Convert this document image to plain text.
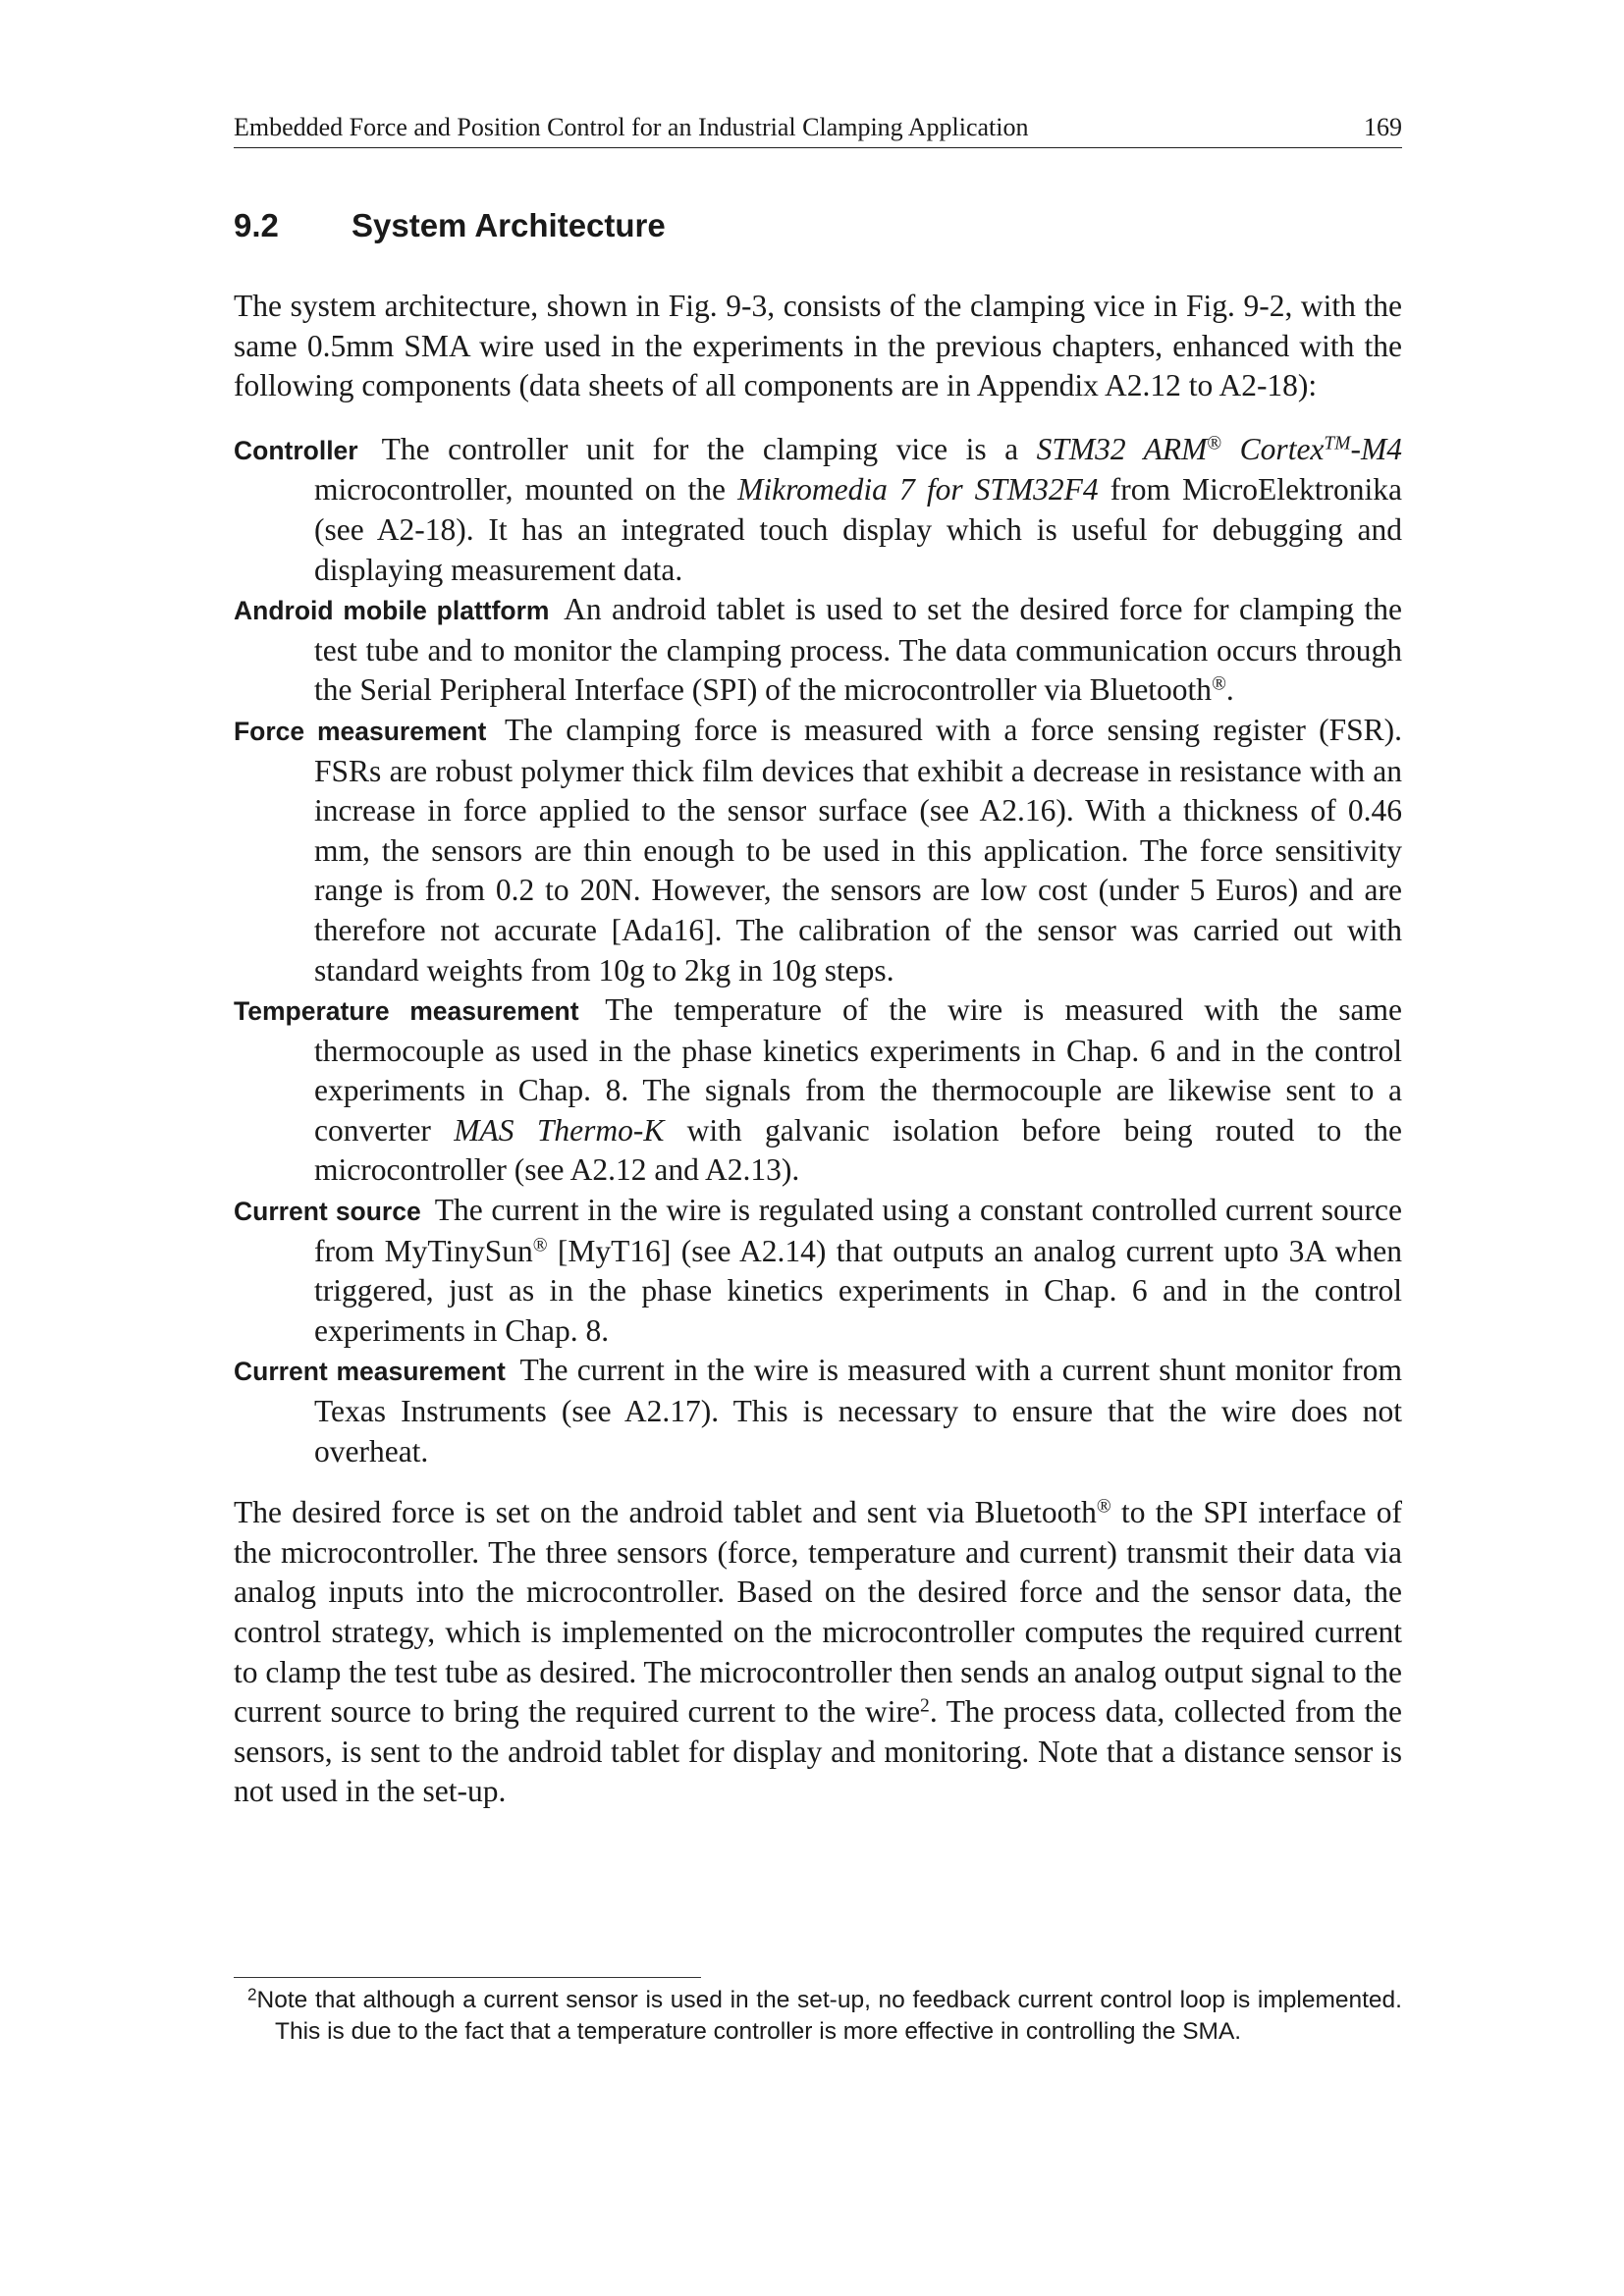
Embedded Force and Position Control for an Industrial Clamping Application	169
9.2 System Architecture

The system architecture, shown in Fig. 9-3, consists of the clamping vice in Fig. 9-2, with the same 0.5mm SMA wire used in the experiments in the previous chapters, enhanced with the following components (data sheets of all components are in Appendix A2.12 to A2-18):

Controller The controller unit for the clamping vice is a STM32 ARM® Cortex™-M4 microcontroller, mounted on the Mikromedia 7 for STM32F4 from MicroElektronika (see A2-18). It has an integrated touch display which is useful for debugging and displaying measurement data.

Android mobile plattform An android tablet is used to set the desired force for clamping the test tube and to monitor the clamping process. The data communication occurs through the Serial Peripheral Interface (SPI) of the microcontroller via Bluetooth®.

Force measurement The clamping force is measured with a force sensing register (FSR). FSRs are robust polymer thick film devices that exhibit a decrease in resistance with an increase in force applied to the sensor surface (see A2.16). With a thickness of 0.46 mm, the sensors are thin enough to be used in this application. The force sensitivity range is from 0.2 to 20N. However, the sensors are low cost (under 5 Euros) and are therefore not accurate [Ada16]. The calibration of the sensor was carried out with standard weights from 10g to 2kg in 10g steps.

Temperature measurement The temperature of the wire is measured with the same thermocouple as used in the phase kinetics experiments in Chap. 6 and in the control experiments in Chap. 8. The signals from the thermocouple are likewise sent to a converter MAS Thermo-K with galvanic isolation before being routed to the microcontroller (see A2.12 and A2.13).

Current source The current in the wire is regulated using a constant controlled current source from MyTinySun® [MyT16] (see A2.14) that outputs an analog current upto 3A when triggered, just as in the phase kinetics experiments in Chap. 6 and in the control experiments in Chap. 8.

Current measurement The current in the wire is measured with a current shunt monitor from Texas Instruments (see A2.17). This is necessary to ensure that the wire does not overheat.

The desired force is set on the android tablet and sent via Bluetooth® to the SPI interface of the microcontroller. The three sensors (force, temperature and current) transmit their data via analog inputs into the microcontroller. Based on the desired force and the sensor data, the control strategy, which is implemented on the microcontroller computes the required current to clamp the test tube as desired. The microcontroller then sends an analog output signal to the current source to bring the required current to the wire$^2$. The process data, collected from the sensors, is sent to the android tablet for display and monitoring. Note that a distance sensor is not used in the set-up.

$^2$Note that although a current sensor is used in the set-up, no feedback current control loop is implemented. This is due to the fact that a temperature controller is more effective in controlling the SMA.
